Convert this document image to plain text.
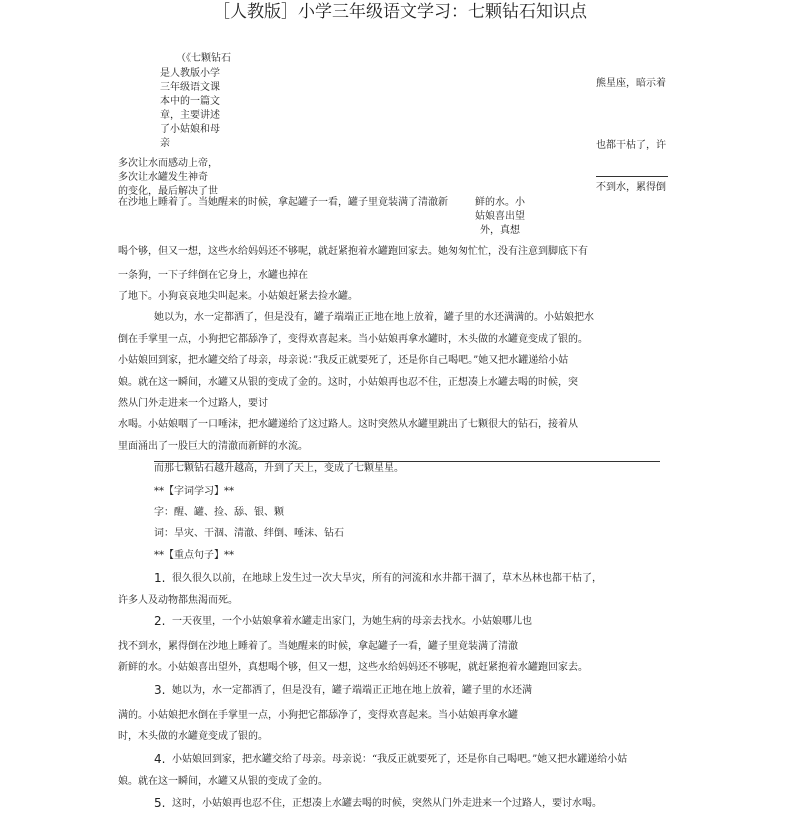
［人教版］小学三年级语文学习：七颗钻石知识点
（《七颗钻石
是人教版小学
三年级语文课
本中的一篇文
章，主要讲述
了小姑娘和母
亲
熊星座，暗示着
也都干枯了，许
不到水，累得倒
多次让水而感动上帝，
多次让水罐发生神奇
的变化，最后解决了世
在沙地上睡着了。当她醒来的时候，拿起罐子一看，罐子里竟装满了清澈新	鲜的水。小
姑娘喜出望
外，真想
喝个够，但又一想，这些水给妈妈还不够呢，就赶紧抱着水罐跑回家去。她匆匆忙忙，没有注意到脚底下有
一条狗，一下子绊倒在它身上，水罐也掉在
了地下。小狗哀哀地尖叫起来。小姑娘赶紧去捡水罐。
她以为，水一定都洒了，但是没有，罐子端端正正地在地上放着，罐子里的水还满满的。小姑娘把水
倒在手掌里一点，小狗把它都舔净了，变得欢喜起来。当小姑娘再拿水罐时，木头做的水罐竟变成了银的。
小姑娘回到家，把水罐交给了母亲，母亲说：”我反正就要死了，还是你自己喝吧。”她又把水罐递给小姑
娘。就在这一瞬间，水罐又从银的变成了金的。这时，小姑娘再也忍不住，正想凑上水罐去喝的时候，突
然从门外走进来一个过路人，要讨
水喝。小姑娘咽了一口唾沫，把水罐递给了这过路人。这时突然从水罐里跳出了七颗很大的钻石，接着从
里面涌出了一股巨大的清澈而新鲜的水流。
而那七颗钻石越升越高，升到了天上，变成了七颗星星。
**【字词学习】**
字：醒、罐、捡、舔、银、颗
词：旱灾、干涸、清澈、绊倒、唾沫、钻石
**【重点句子】**
1. 很久很久以前，在地球上发生过一次大旱灾，所有的河流和水井都干涸了，草木丛林也都干枯了，
许多人及动物都焦渴而死。
2. 一天夜里，一个小姑娘拿着水罐走出家门，为她生病的母亲去找水。小姑娘哪儿也
找不到水，累得倒在沙地上睡着了。当她醒来的时候，拿起罐子一看，罐子里竟装满了清澈
新鲜的水。小姑娘喜出望外，真想喝个够，但又一想，这些水给妈妈还不够呢，就赶紧抱着水罐跑回家去。
3. 她以为，水一定都洒了，但是没有，罐子端端正正地在地上放着，罐子里的水还满
满的。小姑娘把水倒在手掌里一点，小狗把它都舔净了，变得欢喜起来。当小姑娘再拿水罐
时，木头做的水罐竟变成了银的。
4. 小姑娘回到家，把水罐交给了母亲。母亲说：“我反正就要死了，还是你自己喝吧。”她又把水罐递给小姑
娘。就在这一瞬间，水罐又从银的变成了金的。
5. 这时，小姑娘再也忍不住，正想凑上水罐去喝的时候，突然从门外走进来一个过路人，要讨水喝。
